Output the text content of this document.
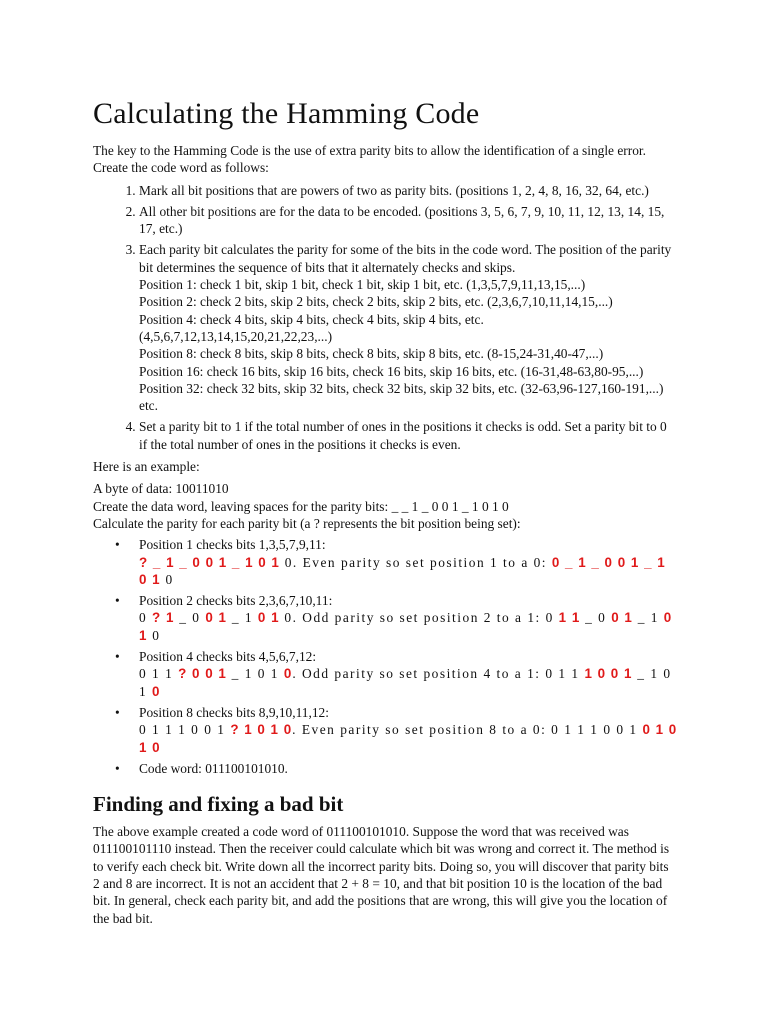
Calculating the Hamming Code

The key to the Hamming Code is the use of extra parity bits to allow the identification of a single error. Create the code word as follows:

1. Mark all bit positions that are powers of two as parity bits. (positions 1, 2, 4, 8, 16, 32, 64, etc.)
2. All other bit positions are for the data to be encoded. (positions 3, 5, 6, 7, 9, 10, 11, 12, 13, 14, 15, 17, etc.)
3. Each parity bit calculates the parity for some of the bits in the code word. The position of the parity bit determines the sequence of bits that it alternately checks and skips.
Position 1: check 1 bit, skip 1 bit, check 1 bit, skip 1 bit, etc. (1,3,5,7,9,11,13,15,...)
Position 2: check 2 bits, skip 2 bits, check 2 bits, skip 2 bits, etc. (2,3,6,7,10,11,14,15,...)
Position 4: check 4 bits, skip 4 bits, check 4 bits, skip 4 bits, etc. (4,5,6,7,12,13,14,15,20,21,22,23,...)
Position 8: check 8 bits, skip 8 bits, check 8 bits, skip 8 bits, etc. (8-15,24-31,40-47,...)
Position 16: check 16 bits, skip 16 bits, check 16 bits, skip 16 bits, etc. (16-31,48-63,80-95,...)
Position 32: check 32 bits, skip 32 bits, check 32 bits, skip 32 bits, etc. (32-63,96-127,160-191,...)
etc.
4. Set a parity bit to 1 if the total number of ones in the positions it checks is odd. Set a parity bit to 0 if the total number of ones in the positions it checks is even.

Here is an example:

A byte of data: 10011010

Create the data word, leaving spaces for the parity bits: _ _ 1 _ 0 0 1 _ 1 0 1 0

Calculate the parity for each parity bit (a ? represents the bit position being set):

• Position 1 checks bits 1,3,5,7,9,11:
? _ 1 _ 0 0 1 _ 1 0 1 0. Even parity so set position 1 to a 0: 0 _ 1 _ 0 0 1 _ 1 0 1 0
• Position 2 checks bits 2,3,6,7,10,11:
0 ? 1 _ 0 0 1 _ 1 0 1 0. Odd parity so set position 2 to a 1: 0 1 1 _ 0 0 1 _ 1 0 1 0
• Position 4 checks bits 4,5,6,7,12:
0 1 1 ? 0 0 1 _ 1 0 1 0. Odd parity so set position 4 to a 1: 0 1 1 1 0 0 1 _ 1 0 1 0
• Position 8 checks bits 8,9,10,11,12:
0 1 1 1 0 0 1 ? 1 0 1 0. Even parity so set position 8 to a 0: 0 1 1 1 0 0 1 0 1 0 1 0
• Code word: 011100101010.
Finding and fixing a bad bit

The above example created a code word of 011100101010. Suppose the word that was received was 011100101110 instead. Then the receiver could calculate which bit was wrong and correct it. The method is to verify each check bit. Write down all the incorrect parity bits. Doing so, you will discover that parity bits 2 and 8 are incorrect. It is not an accident that 2 + 8 = 10, and that bit position 10 is the location of the bad bit. In general, check each parity bit, and add the positions that are wrong, this will give you the location of the bad bit.
